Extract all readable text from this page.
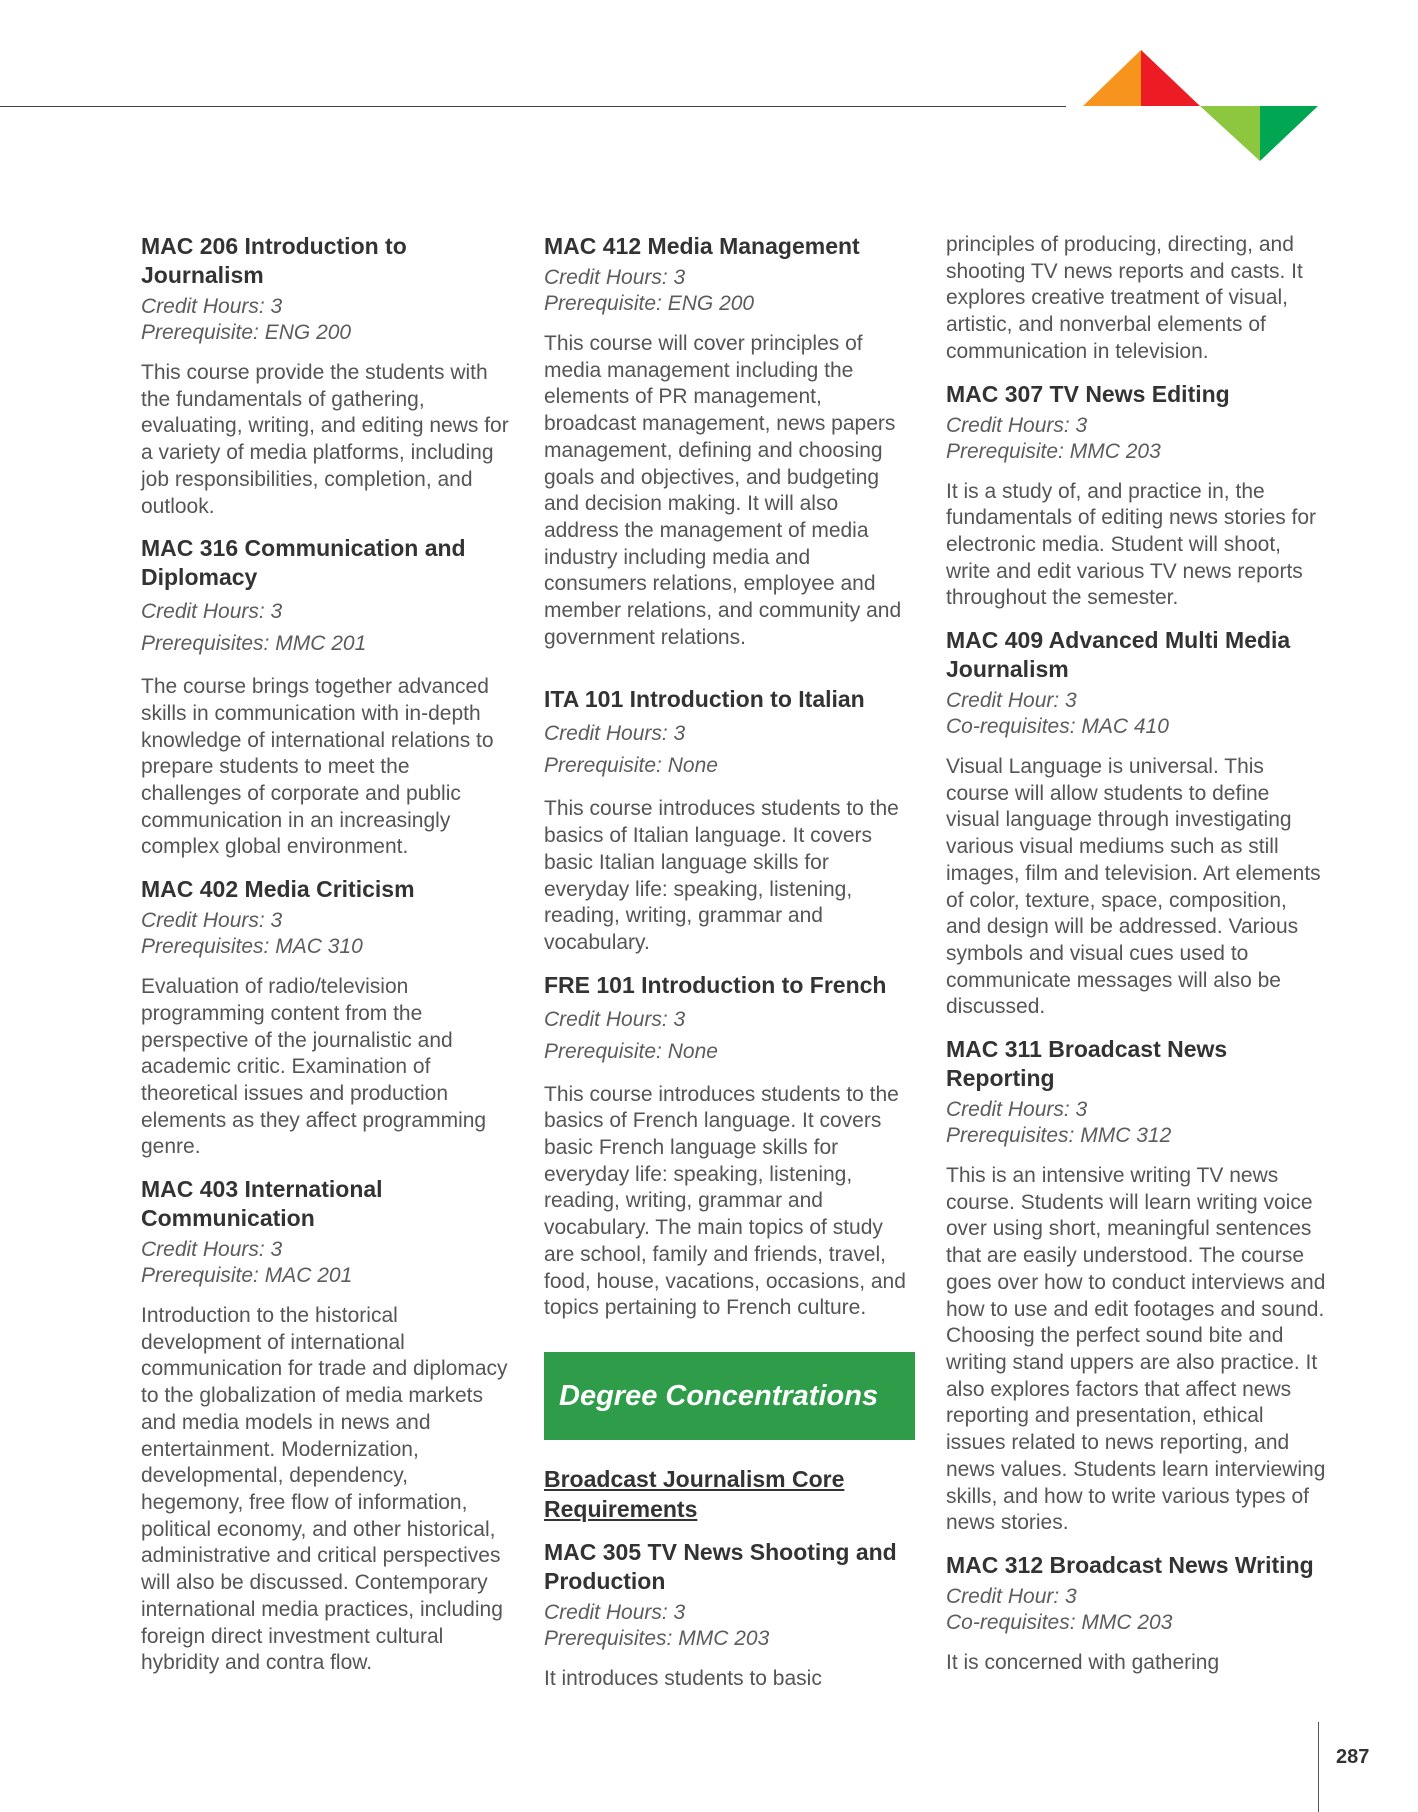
MAC 206 Introduction to Journalism
Credit Hours: 3
Prerequisite: ENG 200
This course provide the students with the fundamentals of gathering, evaluating, writing, and editing news for a variety of media platforms, including job responsibilities, completion, and outlook.
MAC 316 Communication and Diplomacy
Credit Hours: 3
Prerequisites: MMC 201
The course brings together advanced skills in communication with in-depth knowledge of international relations to prepare students to meet the challenges of corporate and public communication in an increasingly complex global environment.
MAC 402 Media Criticism
Credit Hours: 3
Prerequisites: MAC 310
Evaluation of radio/television programming content from the perspective of the journalistic and academic critic. Examination of theoretical issues and production elements as they affect programming genre.
MAC 403 International Communication
Credit Hours: 3
Prerequisite: MAC 201
Introduction to the historical development of international communication for trade and diplomacy to the globalization of media markets and media models in news and entertainment. Modernization, developmental, dependency, hegemony, free flow of information, political economy, and other historical, administrative and critical perspectives will also be discussed. Contemporary international media practices, including foreign direct investment cultural hybridity and contra flow.
MAC 412 Media Management
Credit Hours: 3
Prerequisite: ENG 200
This course will cover principles of media management including the elements of PR management, broadcast management, news papers management, defining and choosing goals and objectives, and budgeting and decision making. It will also address the management of media industry including media and consumers relations, employee and member relations, and community and government relations.
ITA 101 Introduction to Italian
Credit Hours: 3
Prerequisite: None
This course introduces students to the basics of Italian language. It covers basic Italian language skills for everyday life: speaking, listening, reading, writing, grammar and vocabulary.
FRE 101 Introduction to French
Credit Hours: 3
Prerequisite: None
This course introduces students to the basics of French language. It covers basic French language skills for everyday life: speaking, listening, reading, writing, grammar and vocabulary. The main topics of study are school, family and friends, travel, food, house, vacations, occasions, and topics pertaining to French culture.
Degree Concentrations
Broadcast Journalism Core Requirements
MAC 305 TV News Shooting and Production
Credit Hours: 3
Prerequisites: MMC 203
It introduces students to basic
principles of producing, directing, and shooting TV news reports and casts. It explores creative treatment of visual, artistic, and nonverbal elements of communication in television.
MAC 307 TV News Editing
Credit Hours: 3
Prerequisite: MMC 203
It is a study of, and practice in, the fundamentals of editing news stories for electronic media. Student will shoot, write and edit various TV news reports throughout the semester.
MAC 409 Advanced Multi Media Journalism
Credit Hour: 3
Co-requisites: MAC 410
Visual Language is universal. This course will allow students to define visual language through investigating various visual mediums such as still images, film and television. Art elements of color, texture, space, composition, and design will be addressed. Various symbols and visual cues used to communicate messages will also be discussed.
MAC 311 Broadcast News Reporting
Credit Hours: 3
Prerequisites: MMC 312
This is an intensive writing TV news course. Students will learn writing voice over using short, meaningful sentences that are easily understood. The course goes over how to conduct interviews and how to use and edit footages and sound. Choosing the perfect sound bite and writing stand uppers are also practice. It also explores factors that affect news reporting and presentation, ethical issues related to news reporting, and news values. Students learn interviewing skills, and how to write various types of news stories.
MAC 312 Broadcast News Writing
Credit Hour: 3
Co-requisites: MMC 203
It is concerned with gathering
287
